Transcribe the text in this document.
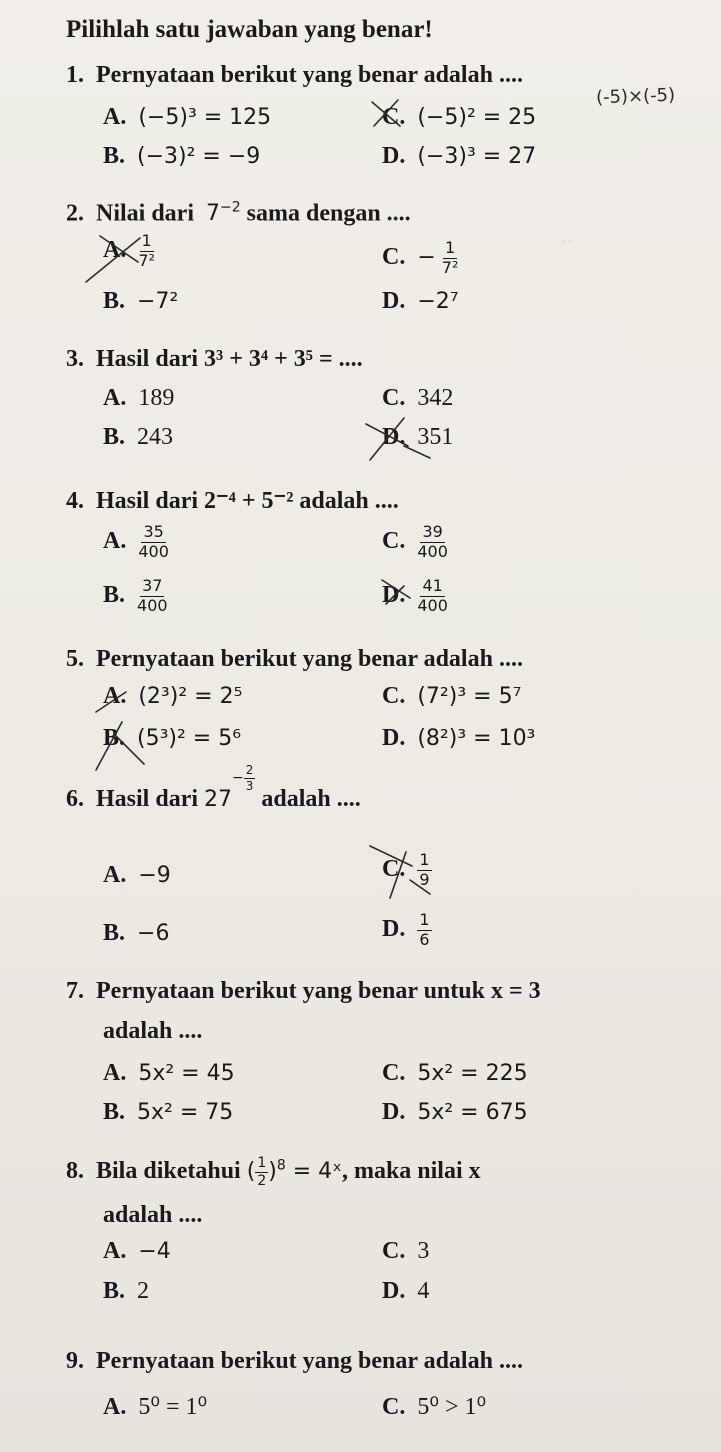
··
Pilihlah satu jawaban yang benar!
1. Pernyataan berikut yang benar adalah ....
A. (−5)³ = 125
B. (−3)² = −9
C. (−5)² = 25
D. (−3)³ = 27
(-5)×(-5)
2. Nilai dari $7^{-2}$ sama dengan ....
A. $\frac{1}{\text{7²}}$
B. −7²
C. − $\frac{1}{\text{7²}}$
D. −2⁷
3. Hasil dari 3³ + 3⁴ + 3⁵ = ....
A. 189
B. 243
C. 342
D. 351
4. Hasil dari 2⁻⁴ + 5⁻² adalah ....
A. $\frac{35}{400}$
B. $\frac{37}{400}$
C. $\frac{39}{400}$
D. $\frac{41}{400}$
5. Pernyataan berikut yang benar adalah ....
A. (2³)² = 2⁵
B. (5³)² = 5⁶
C. (7²)³ = 5⁷
D. (8²)³ = 10³
6. Hasil dari $27- \frac{2}{3}$
adalah ....
A. −9
B. −6
C. $\frac{1}{9}$
D. $\frac{1}{6}$
7. Pernyataan berikut yang benar untuk x = 3
adalah ....
A. 5x² = 45
B. 5x² = 75
C. 5x² = 225
D. 5x² = 675
8. Bila diketahui ( $\frac{1}{2} )^8$ = 4ˣ, maka nilai x
adalah ....
A. −4
B. 2
C. 3
D. 4
9. Pernyataan berikut yang benar adalah ....
A. 5⁰ = 1⁰	C. 5⁰ > 1⁰
